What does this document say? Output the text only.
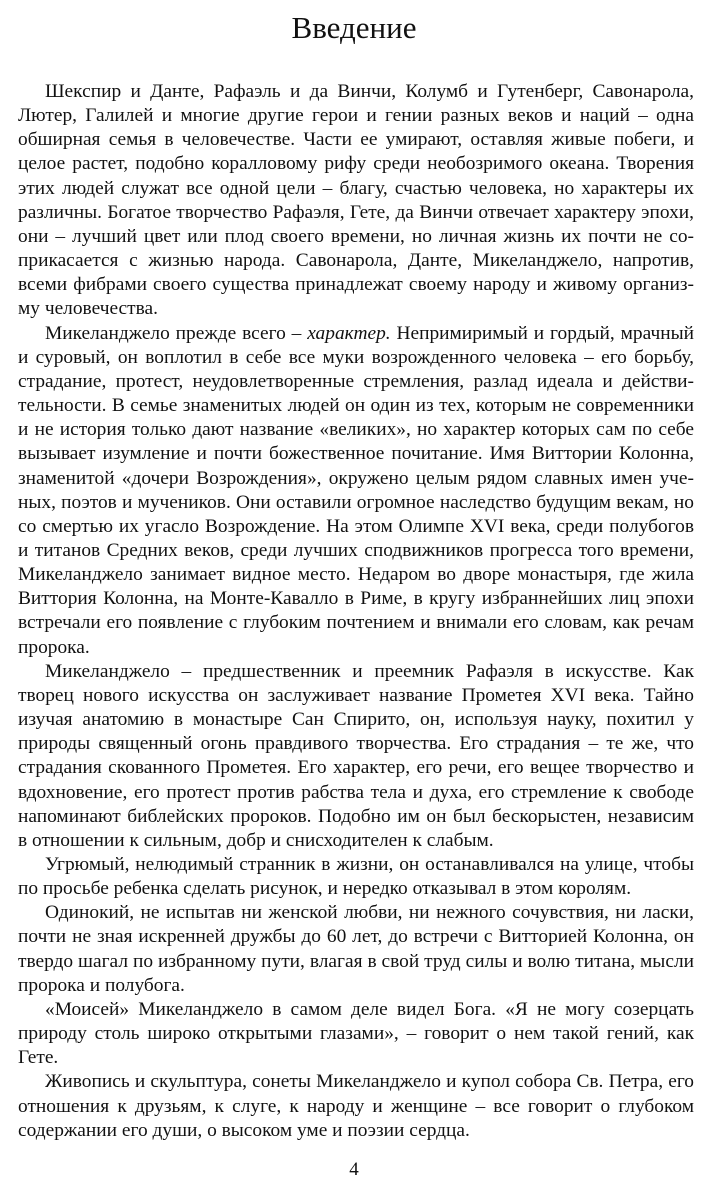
Введение

Шекспир и Данте, Рафаэль и да Винчи, Колумб и Гутенберг, Савонарола, Лютер, Галилей и многие другие герои и гении разных веков и наций – одна обширная семья в человечестве. Части ее умирают, оставляя живые побеги, и целое растет, подобно коралловому рифу среди необозримого океана. Творения этих людей служат все одной цели – благу, счастью человека, но характеры их различны. Богатое творчество Рафаэля, Гете, да Винчи отвечает характеру эпохи, они – лучший цвет или плод своего времени, но личная жизнь их почти не соприкасается с жизнью народа. Савонарола, Данте, Микеланджело, напротив, всеми фибрами своего существа принадлежат своему народу и живому организму человечества.

Микеланджело прежде всего – характер. Непримиримый и гордый, мрачный и суровый, он воплотил в себе все муки возрожденного человека – его борьбу, страдание, протест, неудовлетворенные стремления, разлад идеала и действительности. В семье знаменитых людей он один из тех, которым не современники и не история только дают название «великих», но характер которых сам по себе вызывает изумление и почти божественное почитание. Имя Виттории Колонна, знаменитой «дочери Возрождения», окружено целым рядом славных имен ученых, поэтов и мучеников. Они оставили огромное наследство будущим векам, но со смертью их угасло Возрождение. На этом Олимпе XVI века, среди полубогов и титанов Средних веков, среди лучших сподвижников прогресса того времени, Микеланджело занимает видное место. Недаром во дворе монастыря, где жила Виттория Колонна, на Монте-Кавалло в Риме, в кругу избраннейших лиц эпохи встречали его появление с глубоким почтением и внимали его словам, как речам пророка.

Микеланджело – предшественник и преемник Рафаэля в искусстве. Как творец нового искусства он заслуживает название Прометея XVI века. Тайно изучая анатомию в монастыре Сан Спирито, он, используя науку, похитил у природы священный огонь правдивого творчества. Его страдания – те же, что страдания скованного Прометея. Его характер, его речи, его вещее творчество и вдохновение, его протест против рабства тела и духа, его стремление к свободе напоминают библейских пророков. Подобно им он был бескорыстен, независим в отношении к сильным, добр и снисходителен к слабым.

Угрюмый, нелюдимый странник в жизни, он останавливался на улице, чтобы по просьбе ребенка сделать рисунок, и нередко отказывал в этом королям.

Одинокий, не испытав ни женской любви, ни нежного сочувствия, ни ласки, почти не зная искренней дружбы до 60 лет, до встречи с Витторией Колонна, он твердо шагал по избранному пути, влагая в свой труд силы и волю титана, мысли пророка и полубога.

«Моисей» Микеланджело в самом деле видел Бога. «Я не могу созерцать природу столь широко открытыми глазами», – говорит о нем такой гений, как Гете.

Живопись и скульптура, сонеты Микеланджело и купол собора Св. Петра, его отношения к друзьям, к слуге, к народу и женщине – все говорит о глубоком содержании его души, о высоком уме и поэзии сердца.

4
